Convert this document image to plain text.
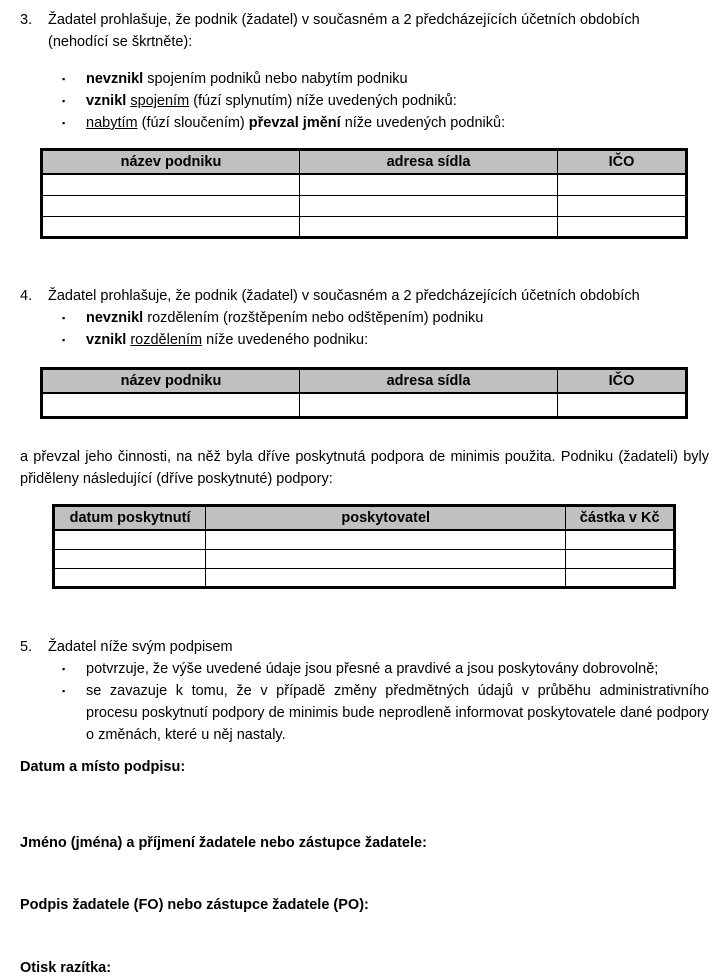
3.	Žadatel prohlašuje, že podnik (žadatel) v současném a 2 předcházejících účetních obdobích
(nehodící se škrtněte):
▪	nevznikl spojením podniků nebo nabytím podniku
▪	vznikl spojením (fúzí splynutím) níže uvedených podniků:
▪	nabytím (fúzí sloučením) převzal jmění níže uvedených podniků:
název podniku	adresa sídla	IČO

4.	Žadatel prohlašuje, že podnik (žadatel) v současném a 2 předcházejících účetních obdobích
▪	nevznikl rozdělením (rozštěpením nebo odštěpením) podniku
▪	vznikl rozdělením níže uvedeného podniku:
název podniku	adresa sídla	IČO

a převzal jeho činnosti, na něž byla dříve poskytnutá podpora de minimis použita. Podniku (žadateli) byly přiděleny následující (dříve poskytnuté) podpory:
datum poskytnutí	poskytovatel	částka v Kč

5.	Žadatel níže svým podpisem
▪	potvrzuje, že výše uvedené údaje jsou přesné a pravdivé a jsou poskytovány dobrovolně;
▪	se zavazuje k tomu, že v případě změny předmětných údajů v průběhu administrativního procesu poskytnutí podpory de minimis bude neprodleně informovat poskytovatele dané podpory o změnách, které u něj nastaly.
Datum a místo podpisu:
Jméno (jména) a příjmení žadatele nebo zástupce žadatele:
Podpis žadatele (FO) nebo zástupce žadatele (PO):
Otisk razítka:
